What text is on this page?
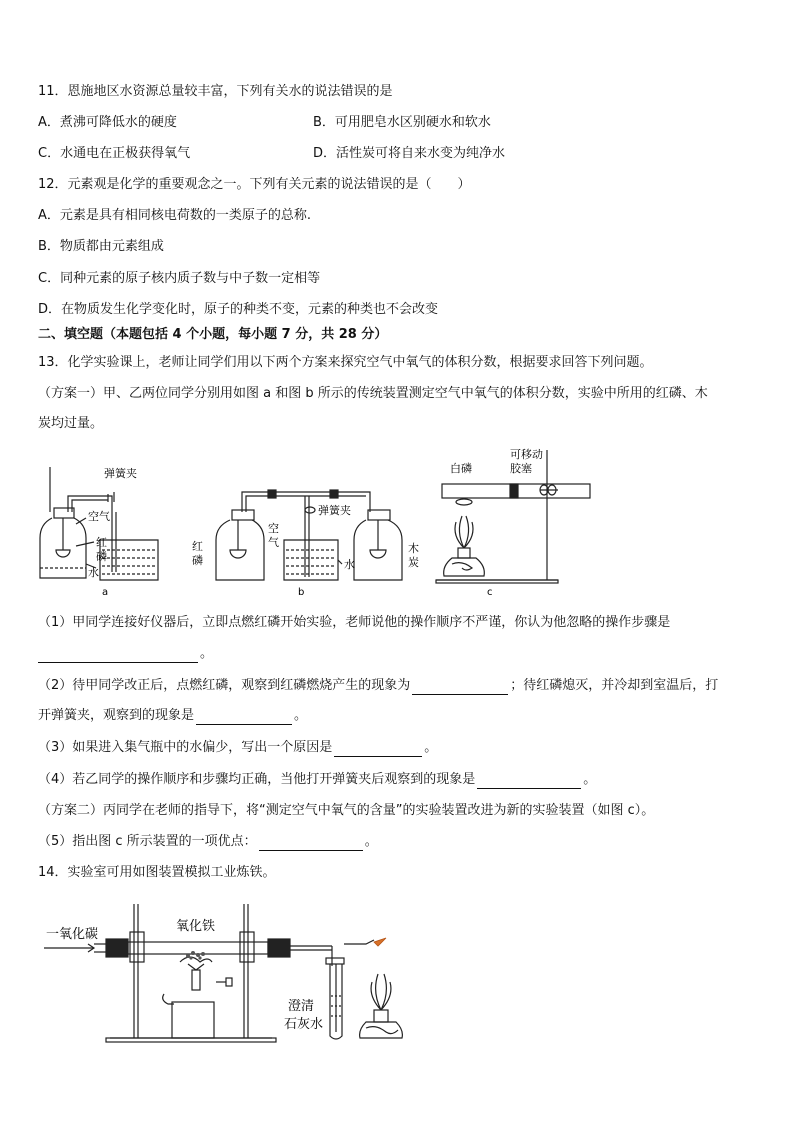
11．恩施地区水资源总量较丰富，下列有关水的说法错误的是
A．煮沸可降低水的硬度	B．可用肥皂水区别硬水和软水
C．水通电在正极获得氧气	D．活性炭可将自来水变为纯净水
12．元素观是化学的重要观念之一。下列有关元素的说法错误的是（　　）
A．元素是具有相同核电荷数的一类原子的总称.
B．物质都由元素组成
C．同种元素的原子核内质子数与中子数一定相等
D．在物质发生化学变化时，原子的种类不变，元素的种类也不会改变
二、填空题（本题包括 4 个小题，每小题 7 分，共 28 分）
13．化学实验课上，老师让同学们用以下两个方案来探究空气中氧气的体积分数，根据要求回答下列问题。
（方案一）甲、乙两位同学分别用如图 a 和图 b 所示的传统装置测定空气中氧气的体积分数，实验中所用的红磷、木
炭均过量。
弹簧夹
空气
红
磷
水
a
红
磷
空
气
弹簧夹
水
木
炭
b
白磷
可移动
胶塞
c
（1）甲同学连接好仪器后，立即点燃红磷开始实验，老师说他的操作顺序不严谨，你认为他忽略的操作步骤是
。
（2）待甲同学改正后，点燃红磷，观察到红磷燃烧产生的现象为	；待红磷熄灭，并冷却到室温后，打
开弹簧夹，观察到的现象是	。
（3）如果进入集气瓶中的水偏少，写出一个原因是	。
（4）若乙同学的操作顺序和步骤均正确，当他打开弹簧夹后观察到的现象是	。
（方案二）丙同学在老师的指导下，将“测定空气中氧气的含量”的实验装置改进为新的实验装置（如图 c）。
（5）指出图 c 所示装置的一项优点：	。
14．实验室可用如图装置模拟工业炼铁。
一氧化碳
氧化铁
澄清
石灰水
